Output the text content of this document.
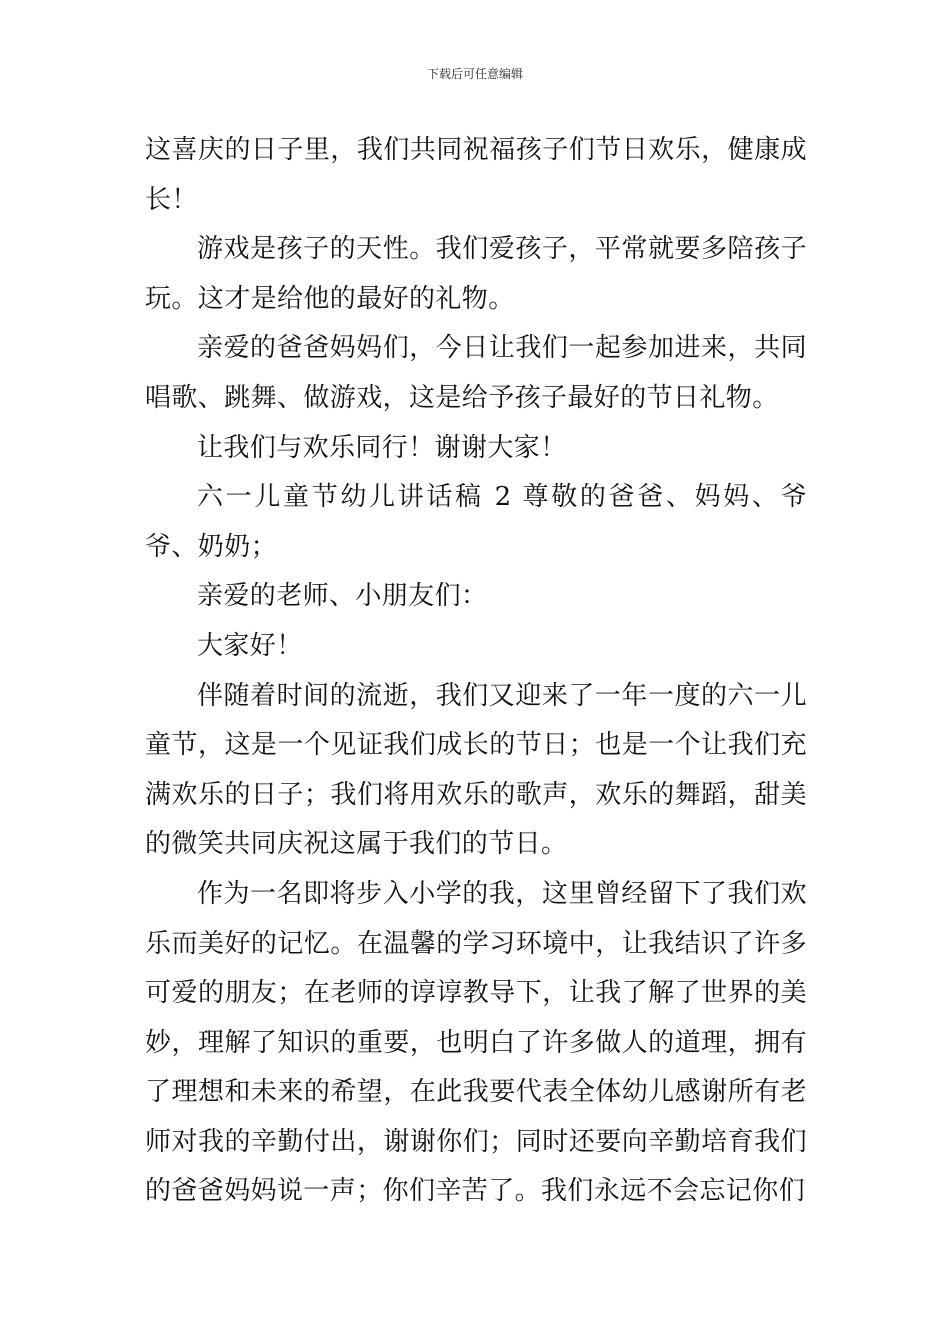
下载后可任意编辑

这喜庆的日子里，我们共同祝福孩子们节日欢乐，健康成长！

游戏是孩子的天性。我们爱孩子，平常就要多陪孩子玩。这才是给他的最好的礼物。

亲爱的爸爸妈妈们，今日让我们一起参加进来，共同唱歌、跳舞、做游戏，这是给予孩子最好的节日礼物。

让我们与欢乐同行！谢谢大家！

六一儿童节幼儿讲话稿 2 尊敬的爸爸、妈妈、爷爷、奶奶；

亲爱的老师、小朋友们：

大家好！

伴随着时间的流逝，我们又迎来了一年一度的六一儿童节，这是一个见证我们成长的节日；也是一个让我们充满欢乐的日子；我们将用欢乐的歌声，欢乐的舞蹈，甜美的微笑共同庆祝这属于我们的节日。

作为一名即将步入小学的我，这里曾经留下了我们欢乐而美好的记忆。在温馨的学习环境中，让我结识了许多可爱的朋友；在老师的谆谆教导下，让我了解了世界的美妙，理解了知识的重要，也明白了许多做人的道理，拥有了理想和未来的希望，在此我要代表全体幼儿感谢所有老师对我的辛勤付出，谢谢你们；同时还要向辛勤培育我们的爸爸妈妈说一声；你们辛苦了。我们永远不会忘记你们
